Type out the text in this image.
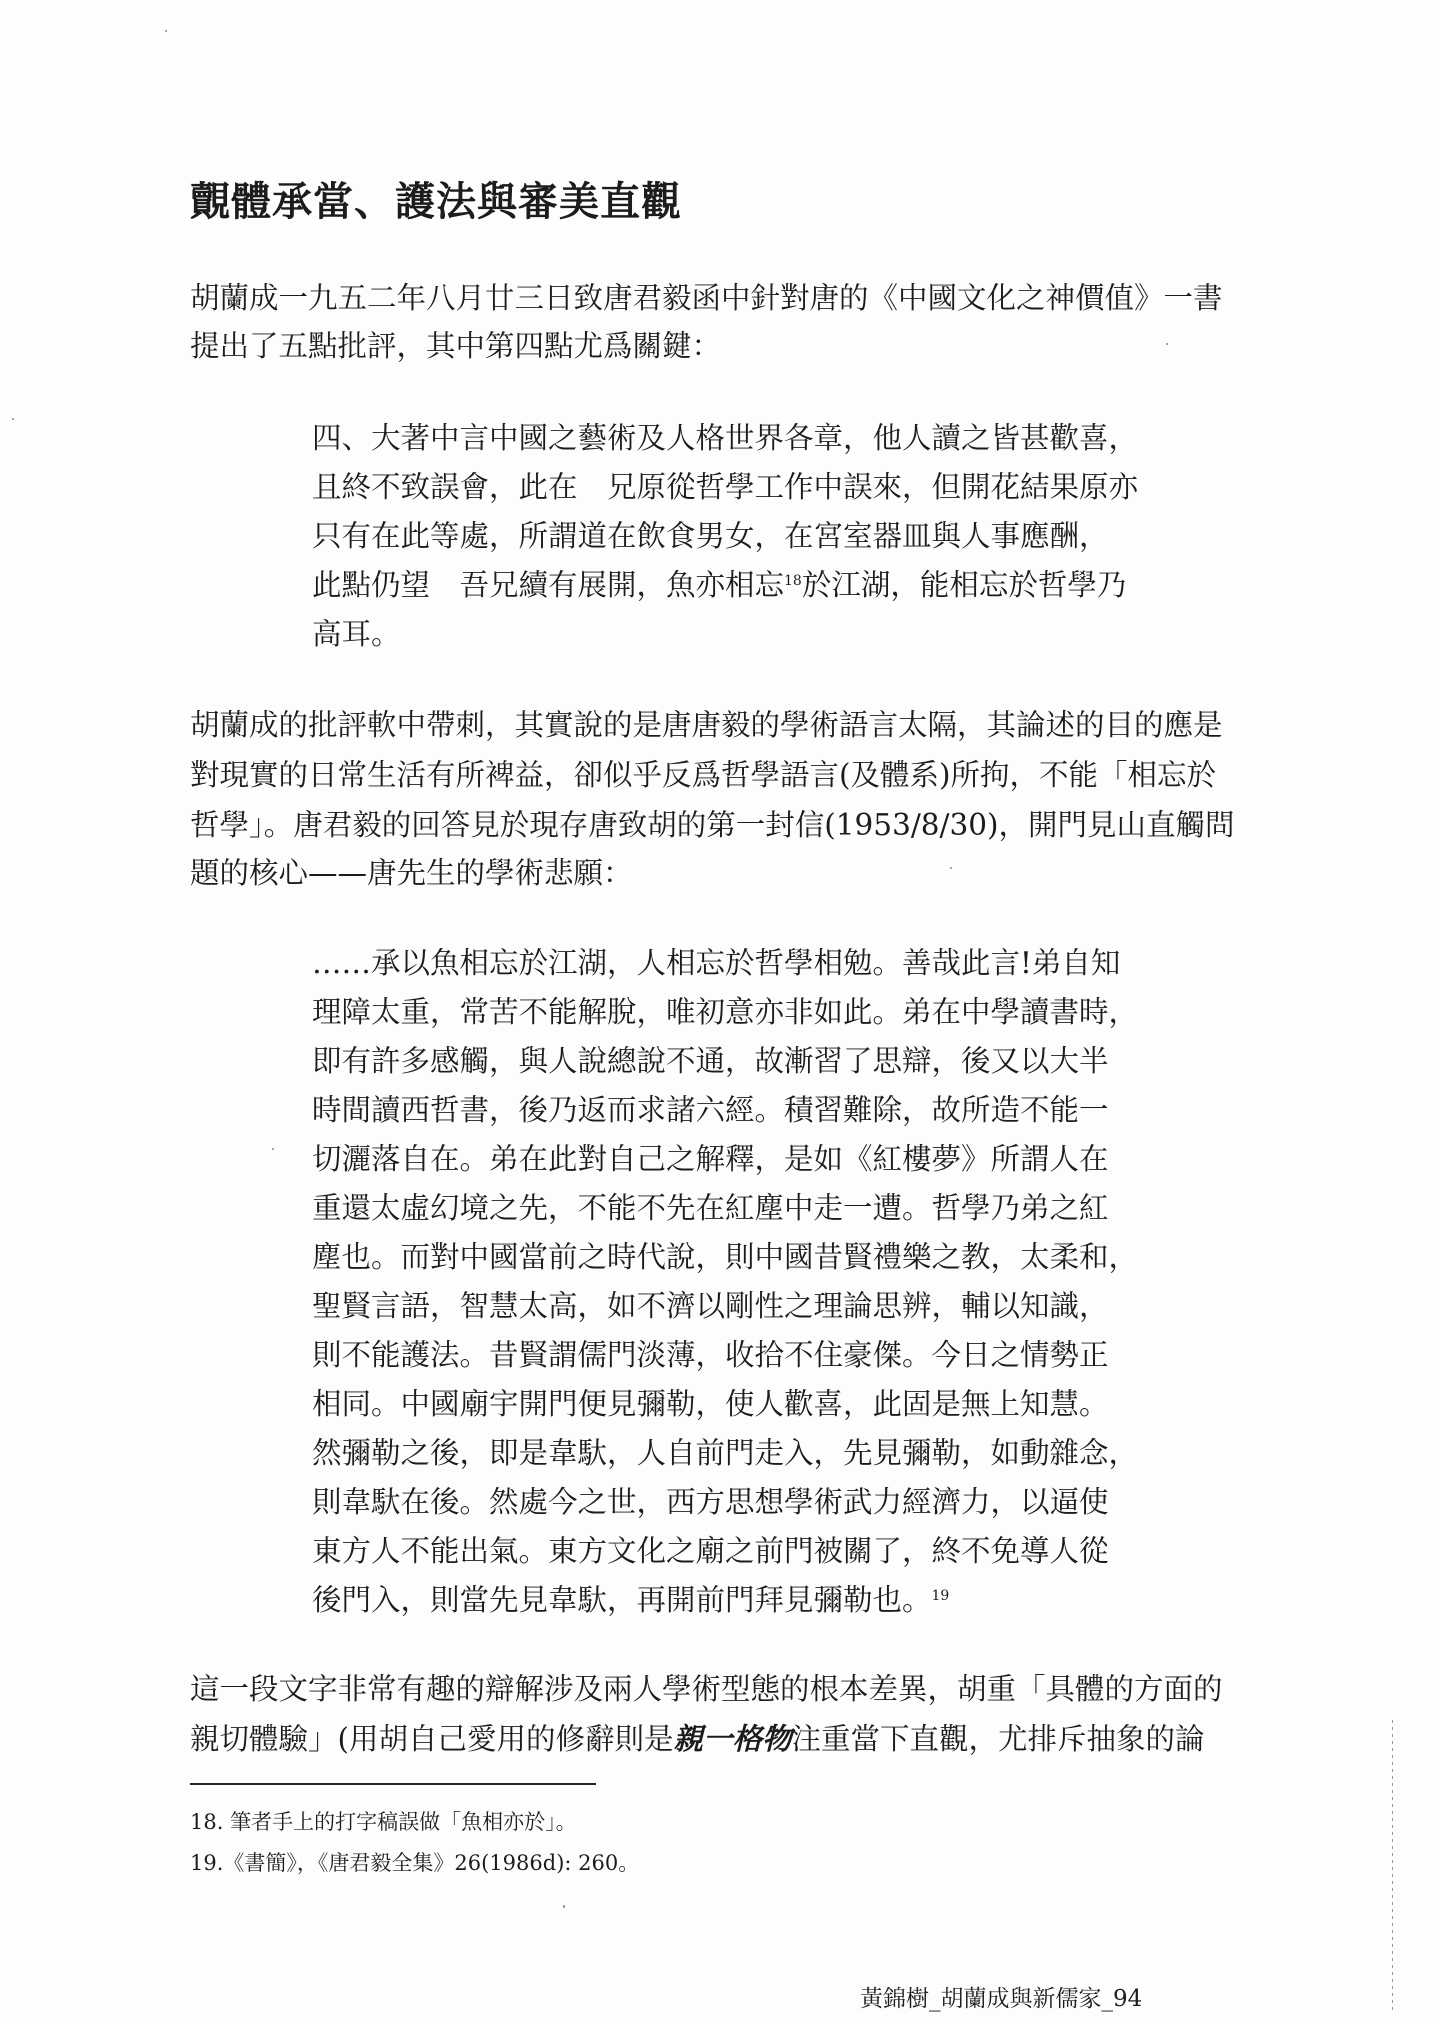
覿體承當、護法與審美直觀
胡蘭成一九五二年八月廿三日致唐君毅函中針對唐的《中國文化之神價值》一書
提出了五點批評，其中第四點尤爲關鍵：
四、大著中言中國之藝術及人格世界各章，他人讀之皆甚歡喜，
且終不致誤會，此在　兄原從哲學工作中誤來，但開花結果原亦
只有在此等處，所謂道在飲食男女，在宮室器皿與人事應酬，
此點仍望　吾兄續有展開，魚亦相忘$^{18}$於江湖，能相忘於哲學乃
高耳。
胡蘭成的批評軟中帶刺，其實說的是唐唐毅的學術語言太隔，其論述的目的應是
對現實的日常生活有所裨益，卻似乎反爲哲學語言(及體系)所拘，不能「相忘於
哲學」。唐君毅的回答見於現存唐致胡的第一封信(1953/8/30)，開門見山直觸問
題的核心——唐先生的學術悲願：
……承以魚相忘於江湖，人相忘於哲學相勉。善哉此言!弟自知
理障太重，常苦不能解脫，唯初意亦非如此。弟在中學讀書時，
即有許多感觸，與人說總說不通，故漸習了思辯，後又以大半
時間讀西哲書，後乃返而求諸六經。積習難除，故所造不能一
切灑落自在。弟在此對自己之解釋，是如《紅樓夢》所謂人在
重還太虛幻境之先，不能不先在紅塵中走一遭。哲學乃弟之紅
塵也。而對中國當前之時代說，則中國昔賢禮樂之教，太柔和，
聖賢言語，智慧太高，如不濟以剛性之理論思辨，輔以知識，
則不能護法。昔賢謂儒門淡薄，收拾不住豪傑。今日之情勢正
相同。中國廟宇開門便見彌勒，使人歡喜，此固是無上知慧。
然彌勒之後，即是韋馱，人自前門走入，先見彌勒，如動雜念，
則韋馱在後。然處今之世，西方思想學術武力經濟力，以逼使
東方人不能出氣。東方文化之廟之前門被關了，終不免導人從
後門入，則當先見韋馱，再開前門拜見彌勒也。$^{19}$
這一段文字非常有趣的辯解涉及兩人學術型態的根本差異，胡重「具體的方面的
親切體驗」(用胡自己愛用的修辭則是親一格物注重當下直觀，尤排斥抽象的論
18. 筆者手上的打字稿誤做「魚相亦於」。
19.《書簡》，《唐君毅全集》26(1986d): 260。
黃錦樹_胡蘭成與新儒家_94
